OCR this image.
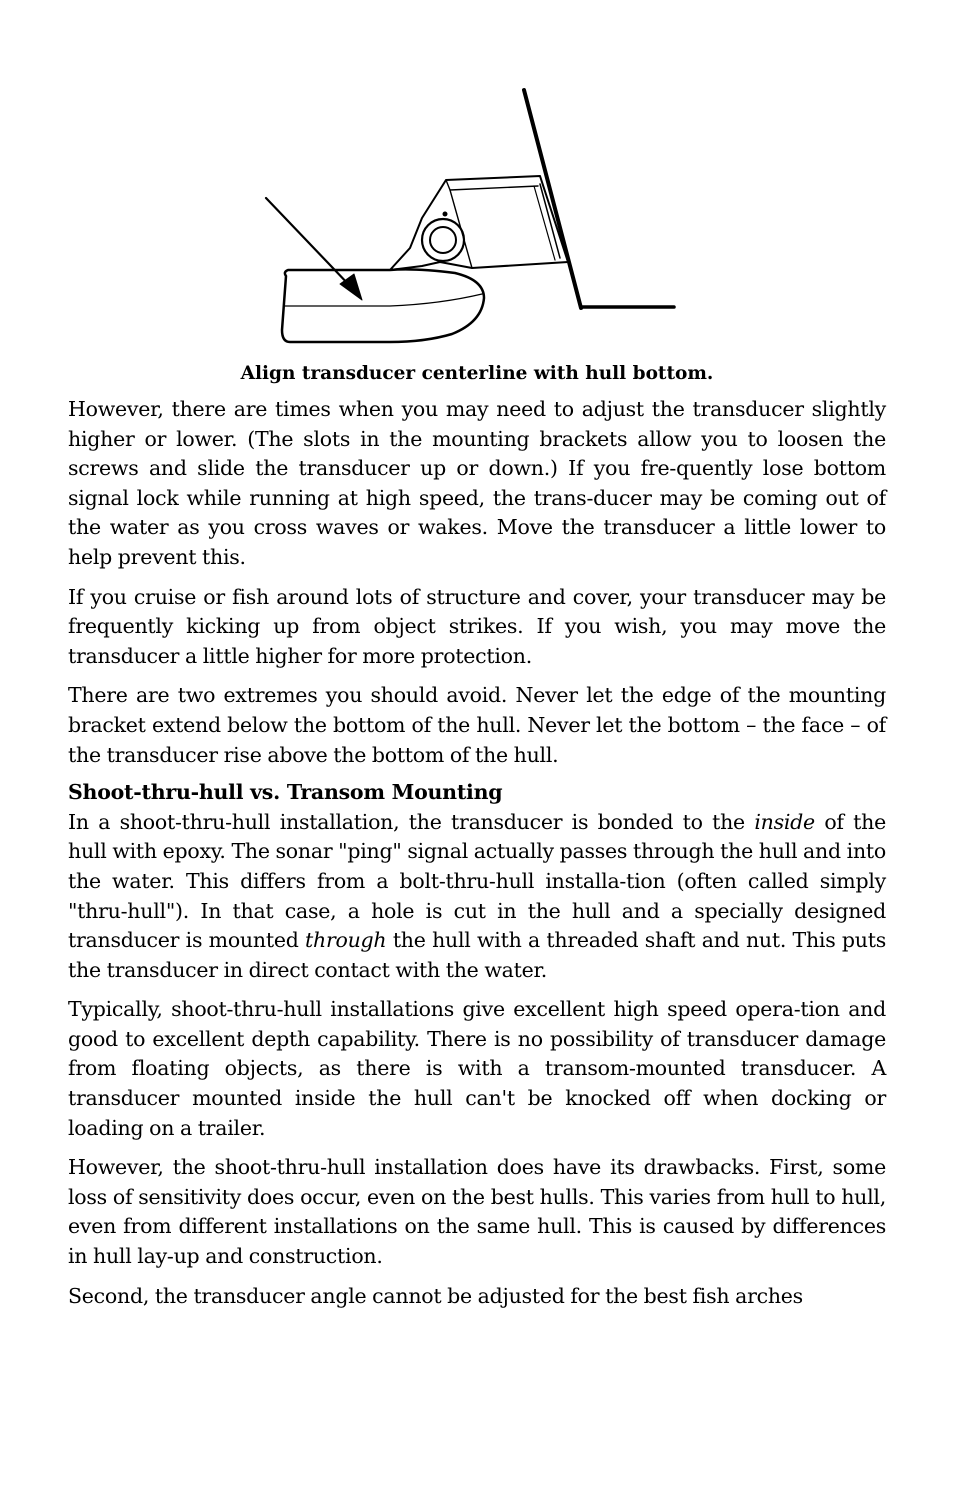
Align transducer centerline with hull bottom.

However, there are times when you may need to adjust the transducer slightly higher or lower. (The slots in the mounting brackets allow you to loosen the screws and slide the transducer up or down.) If you fre-quently lose bottom signal lock while running at high speed, the trans-ducer may be coming out of the water as you cross waves or wakes. Move the transducer a little lower to help prevent this.

If you cruise or fish around lots of structure and cover, your transducer may be frequently kicking up from object strikes. If you wish, you may move the transducer a little higher for more protection.

There are two extremes you should avoid. Never let the edge of the mounting bracket extend below the bottom of the hull. Never let the bottom – the face – of the transducer rise above the bottom of the hull.

Shoot-thru-hull vs. Transom Mounting

In a shoot-thru-hull installation, the transducer is bonded to the inside of the hull with epoxy. The sonar "ping" signal actually passes through the hull and into the water. This differs from a bolt-thru-hull installa-tion (often called simply "thru-hull"). In that case, a hole is cut in the hull and a specially designed transducer is mounted through the hull with a threaded shaft and nut. This puts the transducer in direct contact with the water.

Typically, shoot-thru-hull installations give excellent high speed opera-tion and good to excellent depth capability. There is no possibility of transducer damage from floating objects, as there is with a transom-mounted transducer. A transducer mounted inside the hull can't be knocked off when docking or loading on a trailer.

However, the shoot-thru-hull installation does have its drawbacks. First, some loss of sensitivity does occur, even on the best hulls. This varies from hull to hull, even from different installations on the same hull. This is caused by differences in hull lay-up and construction.

Second, the transducer angle cannot be adjusted for the best fish arches
